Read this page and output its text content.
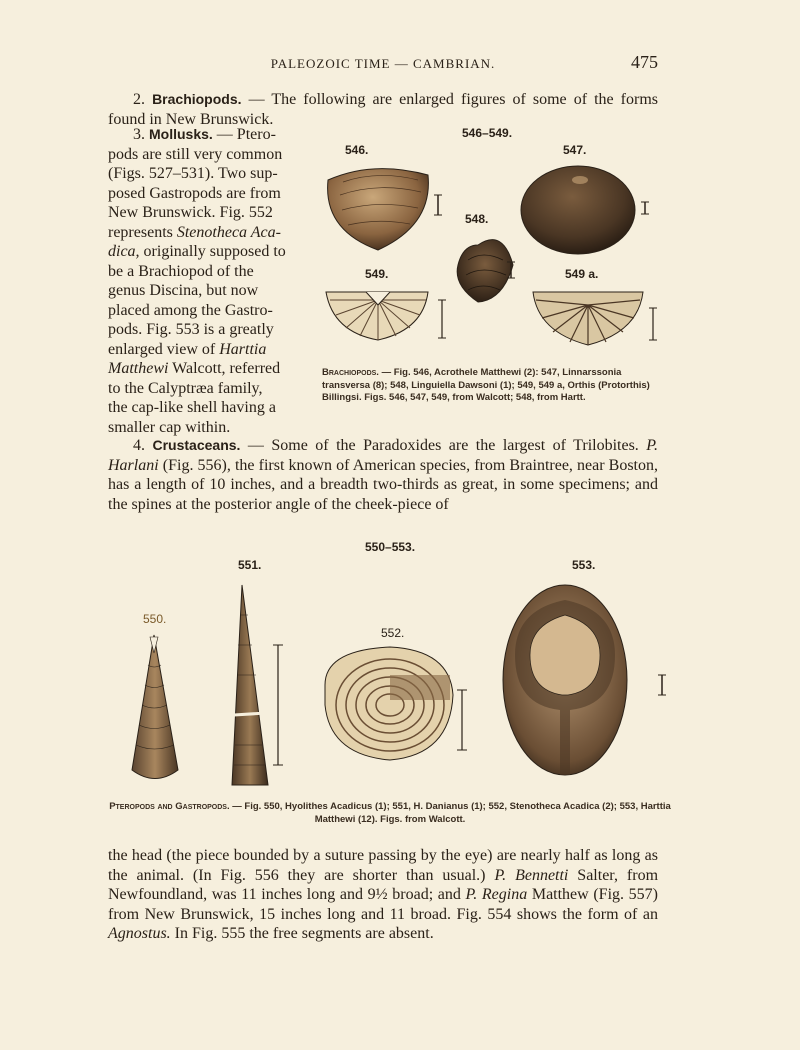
PALEOZOIC TIME — CAMBRIAN.	475
2. Brachiopods. — The following are enlarged figures of some of the forms found in New Brunswick.
3. Mollusks. — Ptero-
pods are still very common
(Figs. 527–531). Two sup-
posed Gastropods are from
New Brunswick. Fig. 552
represents Stenotheca Aca-
dica, originally supposed to
be a Brachiopod of the
genus Discina, but now
placed among the Gastro-
pods. Fig. 553 is a greatly
enlarged view of Harttia
Matthewi Walcott, referred
to the Calyptræa family,
the cap-like shell having a
smaller cap within.
546–549.
546.	547.
548.
549.	549 a.
Brachiopods. — Fig. 546, Acrothele Matthewi (2): 547, Linnarssonia transversa (8); 548, Linguiella Dawsoni (1); 549, 549 a, Orthis (Protorthis) Billingsi. Figs. 546, 547, 549, from Walcott; 548, from Hartt.
4. Crustaceans. — Some of the Paradoxides are the largest of Trilobites. P. Harlani (Fig. 556), the first known of American species, from Braintree, near Boston, has a length of 10 inches, and a breadth two-thirds as great, in some specimens; and the spines at the posterior angle of the cheek-piece of
550–553.
550.
551.
552.
553.
Pteropods and Gastropods. — Fig. 550, Hyolithes Acadicus (1); 551, H. Danianus (1); 552, Stenotheca Acadica (2); 553, Harttia Matthewi (12). Figs. from Walcott.
the head (the piece bounded by a suture passing by the eye) are nearly half as long as the animal. (In Fig. 556 they are shorter than usual.) P. Bennetti Salter, from Newfoundland, was 11 inches long and 9½ broad; and P. Regina Matthew (Fig. 557) from New Brunswick, 15 inches long and 11 broad. Fig. 554 shows the form of an Agnostus. In Fig. 555 the free segments are absent.
